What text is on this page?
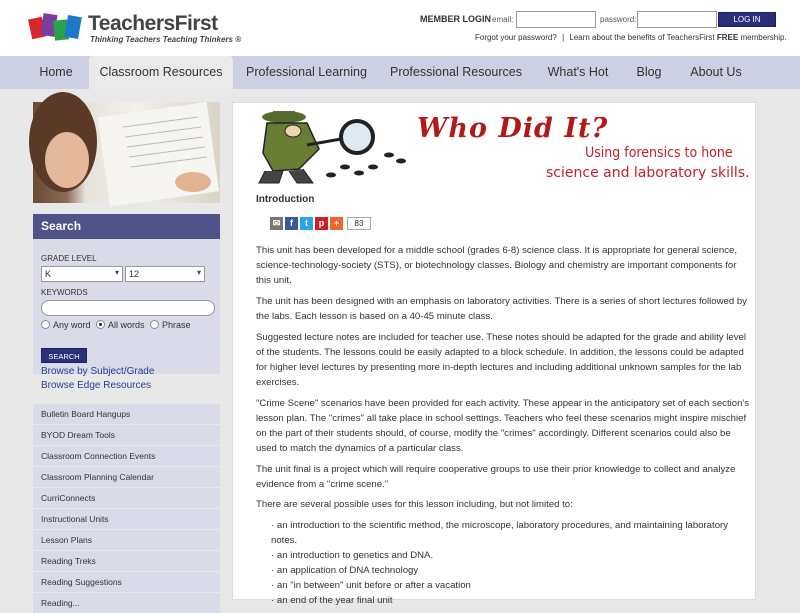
TeachersFirst
Thinking Teachers Teaching Thinkers ®
MEMBER LOGIN email:	password:	LOG IN
Forgot your password? | Learn about the benefits of TeachersFirst FREE membership.
Home	Classroom Resources	Professional Learning	Professional Resources	What's Hot	Blog	About Us
Search
GRADE LEVEL
K	▾	12	▾
KEYWORDS
Any word	All words	Phrase
SEARCH
Browse by Subject/Grade
Browse Edge Resources
Bulletin Board Hangups
BYOD Dream Tools
Classroom Connection Events
Classroom Planning Calendar
CurriConnects
Instructional Units
Lesson Plans
Reading Treks
Reading Suggestions
Reading...
Who Did It?
Using forensics to hone
science and laboratory skills.
Introduction
✉	f	t	p	+	83
This unit has been developed for a middle school (grades 6-8) science class. It is appropriate for general science, science-technology-society (STS), or biotechnology classes. Biology and chemistry are important components for this unit.
The unit has been designed with an emphasis on laboratory activities. There is a series of short lectures followed by the labs. Each lesson is based on a 40-45 minute class.
Suggested lecture notes are included for teacher use. These notes should be adapted for the grade and ability level of the students. The lessons could be easily adapted to a block schedule. In addition, the lessons could be adapted for higher level lectures by presenting more in-depth lectures and including additional unknown samples for the lab exercises.
"Crime Scene" scenarios have been provided for each activity. These appear in the anticipatory set of each section's lesson plan. The "crimes" all take place in school settings. Teachers who feel these scenarios might inspire mischief on the part of their students should, of course, modify the "crimes" accordingly. Different scenarios could also be used to match the dynamics of a particular class.
The unit final is a project which will require cooperative groups to use their prior knowledge to collect and analyze evidence from a "crime scene."
There are several possible uses for this lesson including, but not limited to:
· an introduction to the scientific method, the microscope, laboratory procedures, and maintaining laboratory notes.
· an introduction to genetics and DNA.
· an application of DNA technology
· an "in between" unit before or after a vacation
· an end of the year final unit
